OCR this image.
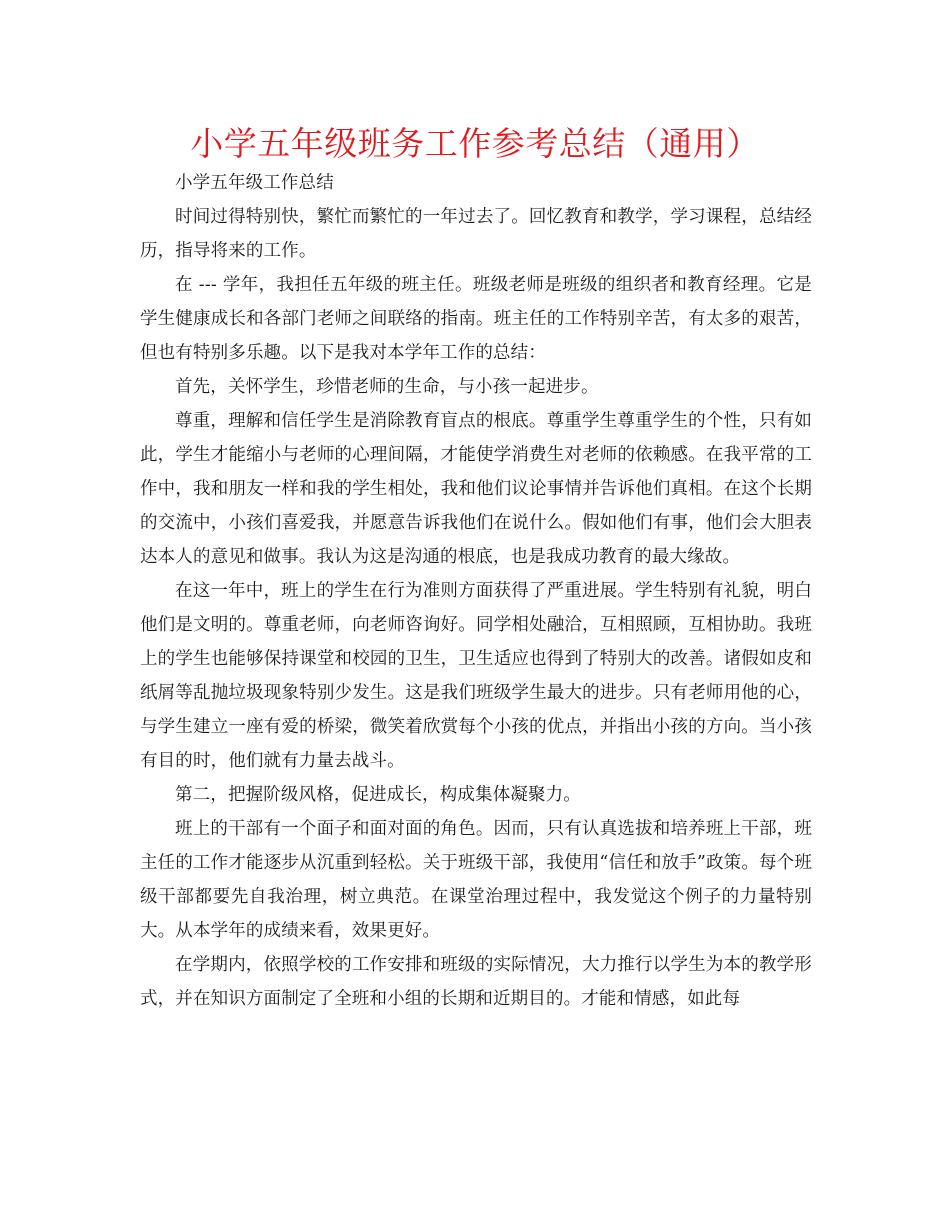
小学五年级班务工作参考总结（通用）

小学五年级工作总结

时间过得特别快，繁忙而繁忙的一年过去了。回忆教育和教学，学习课程，总结经历，指导将来的工作。

在 --- 学年，我担任五年级的班主任。班级老师是班级的组织者和教育经理。它是学生健康成长和各部门老师之间联络的指南。班主任的工作特别辛苦，有太多的艰苦，但也有特别多乐趣。以下是我对本学年工作的总结：

首先，关怀学生，珍惜老师的生命，与小孩一起进步。

尊重，理解和信任学生是消除教育盲点的根底。尊重学生尊重学生的个性，只有如此，学生才能缩小与老师的心理间隔，才能使学消费生对老师的依赖感。在我平常的工作中，我和朋友一样和我的学生相处，我和他们议论事情并告诉他们真相。在这个长期的交流中，小孩们喜爱我，并愿意告诉我他们在说什么。假如他们有事，他们会大胆表达本人的意见和做事。我认为这是沟通的根底，也是我成功教育的最大缘故。

在这一年中，班上的学生在行为准则方面获得了严重进展。学生特别有礼貌，明白他们是文明的。尊重老师，向老师咨询好。同学相处融洽，互相照顾，互相协助。我班上的学生也能够保持课堂和校园的卫生，卫生适应也得到了特别大的改善。诸假如皮和纸屑等乱抛垃圾现象特别少发生。这是我们班级学生最大的进步。只有老师用他的心，与学生建立一座有爱的桥梁，微笑着欣赏每个小孩的优点，并指出小孩的方向。当小孩有目的时，他们就有力量去战斗。

第二，把握阶级风格，促进成长，构成集体凝聚力。

班上的干部有一个面子和面对面的角色。因而，只有认真选拔和培养班上干部，班主任的工作才能逐步从沉重到轻松。关于班级干部，我使用“信任和放手”政策。每个班级干部都要先自我治理，树立典范。在课堂治理过程中，我发觉这个例子的力量特别大。从本学年的成绩来看，效果更好。

在学期内，依照学校的工作安排和班级的实际情况，大力推行以学生为本的教学形式，并在知识方面制定了全班和小组的长期和近期目的。才能和情感，如此每
